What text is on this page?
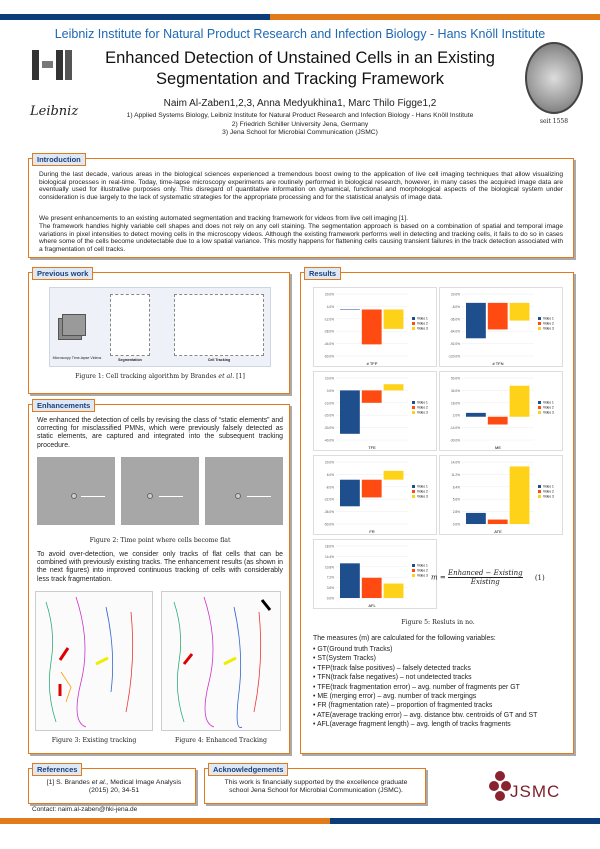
Leibniz Institute for Natural Product Research and Infection Biology - Hans Knöll Institute
Enhanced Detection of Unstained Cells in an Existing
Segmentation and Tracking Framework
Naim Al-Zaben1,2,3, Anna Medyukhina1, Marc Thilo Figge1,2
1) Applied Systems Biology, Leibniz Institute for Natural Product Research and Infection Biology - Hans Knöll Institute
2) Friedrich Schiller University Jena, Germany
3) Jena School for Microbial Communication (JSMC)
Leibniz
seit 1558
During the last decade, various areas in the biological sciences experienced a tremendous boost owing to the application of live cell imaging techniques that allow visualizing biological processes in real-time. Today, time-lapse microscopy experiments are routinely performed in biological research, however, in many cases the acquired image data are eventually used for illustrative purposes only. This disregard of quantitative information on dynamical, functional and morphological aspects of the biological system under consideration is due largely to the lack of systematic strategies for the appropriate processing and for the statistical analysis of image data.
We present enhancements to an existing automated segmentation and tracking framework for videos from live cell imaging [1].
The framework handles highly variable cell shapes and does not rely on any cell staining. The segmentation approach is based on a combination of spatial and temporal image variations in pixel intensities to detect moving cells in the microscopy videos. Although the existing framework performs well in detecting and tracking cells, it fails to do so in cases where some of the cells become undetectable due to a low spatial variance. This mostly happens for flattening cells causing transient failures in the track detection associated with a fragmentation of cell tracks.
Introduction
Microscopy Time-lapse Videos	Segmentation	Cell Tracking
Figure 1: Cell tracking algorithm by Brandes et al. [1]
Previous work
We enhanced the detection of cells by revising the class of “static elements” and correcting for misclassified PMNs, which were previously falsely detected as static elements, are captured and integrated into the subsequent tracking procedure.
Figure 2: Time point where cells become flat
To avoid over-detection, we consider only tracks of flat cells that can be combined with previously existing tracks. The enhancement results (as shown in the next figures) into improved continuous tracking of cells with considerably less track fragmentation.
Figure 3: Existing tracking	Figure 4: Enhanced Tracking
Enhancements
-60.0%
-44.0%
-28.0%
-12.0%
4.0%
20.0%
Video 1
Video 2
Video 3
# TFP
-120.0%
-92.0%
-64.0%
-36.0%
-8.0%
20.0%
Video 1
Video 2
Video 3
# TFN
-40.0%
-30.0%
-20.0%
-10.0%
0.0%
10.0%
Video 1
Video 2
Video 3
TFE
-30.0%
-14.0%
2.0%
18.0%
34.0%
50.0%
Video 1
Video 2
Video 3
ME
-50.0%
-36.0%
-22.0%
-8.0%
6.0%
20.0%
Video 1
Video 2
Video 3
FR
0.0%
2.8%
5.6%
8.4%
11.2%
14.0%
Video 1
Video 2
Video 3
ATE
0.0%
3.6%
7.2%
10.8%
14.4%
18.0%
Video 1
Video 2
Video 3
AFL
m =
Enhanced − Existing
Existing
(1)
Figure 5: Resluts in no.
The measures (m) are calculated for the following variables:
• GT(Ground truth Tracks)
• ST(System Tracks)
• TFP(track false positives) – falsely detected tracks
• TFN(track false negatives) – not undetected tracks
• TFE(track fragmentation error) – avg. number of fragments per GT
• ME (merging error) – avg. number of track mergings
• FR (fragmentation rate) – proportion of fragmented tracks
• ATE(average tracking error) – avg. distance btw. centroids of GT and ST
• AFL(average fragment length) – avg. length of tracks fragments
Results
[1] S. Brandes et al., Medical Image Analysis (2015) 20, 34-51
References
This work is financially supported by the excellence graduate school Jena School for Microbial Communication (JSMC).
Acknowledgements
JSMC
Contact: naim.al-zaben@hki-jena.de
